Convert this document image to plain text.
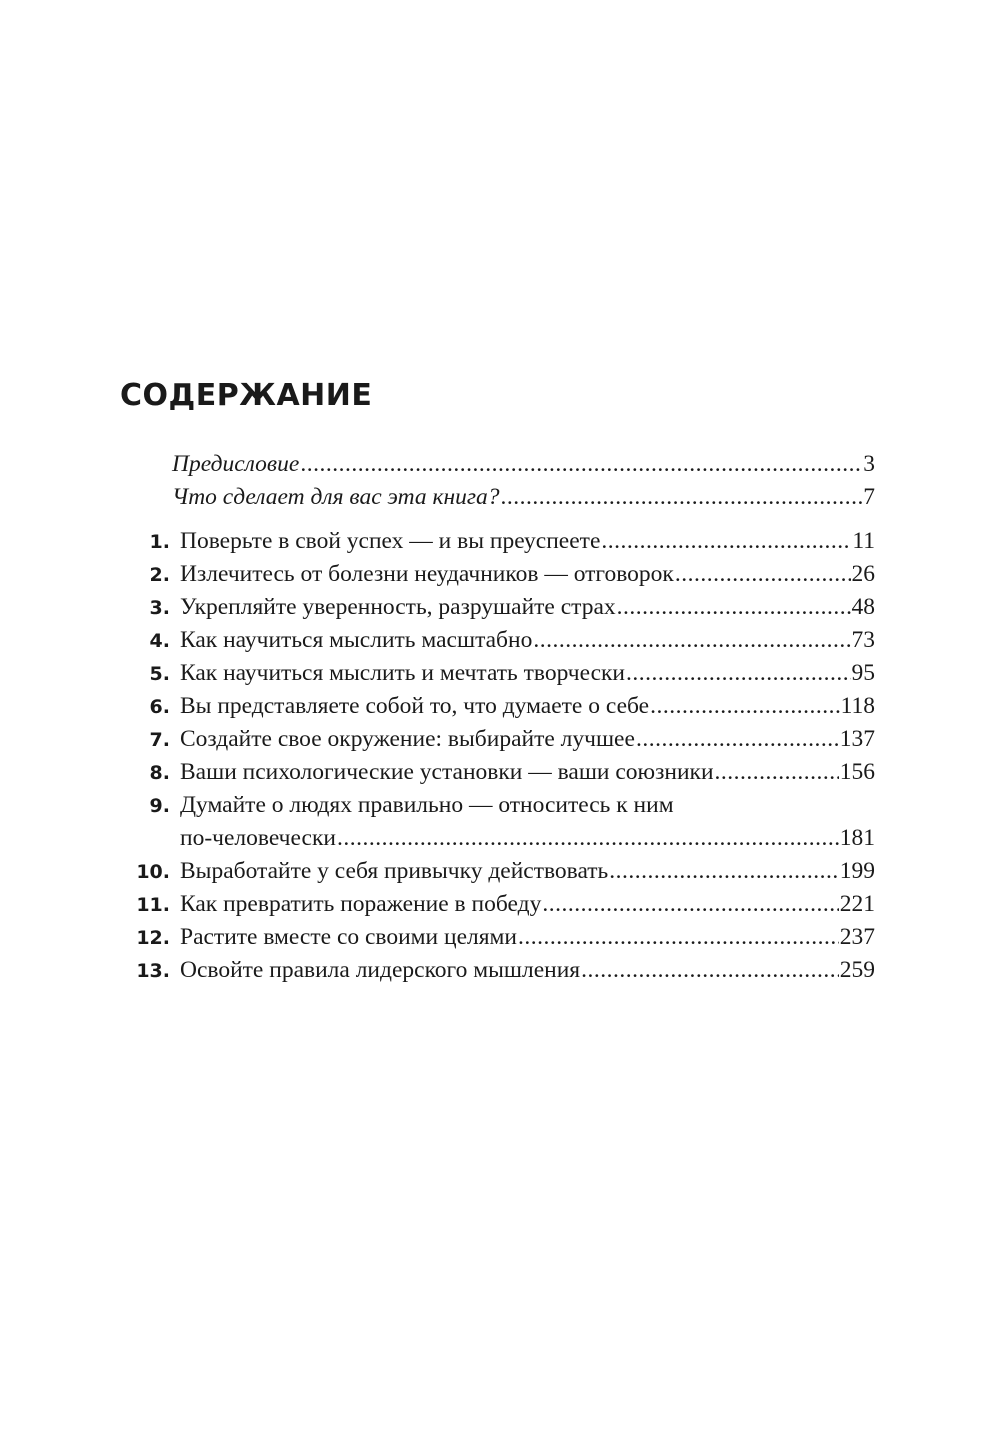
СОДЕРЖАНИЕ
Предисловие .....	3
Что сделает для вас эта книга? .....	7
1. Поверьте в свой успех — и вы преуспеете .....	11
2. Излечитесь от болезни неудачников — отговорок .....	26
3. Укрепляйте уверенность, разрушайте страх .....	48
4. Как научиться мыслить масштабно .....	73
5. Как научиться мыслить и мечтать творчески .....	95
6. Вы представляете собой то, что думаете о себе .....	118
7. Создайте свое окружение: выбирайте лучшее .....	137
8. Ваши психологические установки — ваши союзники .....	156
9. Думайте о людях правильно — относитесь к ним
по-человечески .....	181
10. Выработайте у себя привычку действовать .....	199
11. Как превратить поражение в победу .....	221
12. Растите вместе со своими целями .....	237
13. Освойте правила лидерского мышления .....	259
